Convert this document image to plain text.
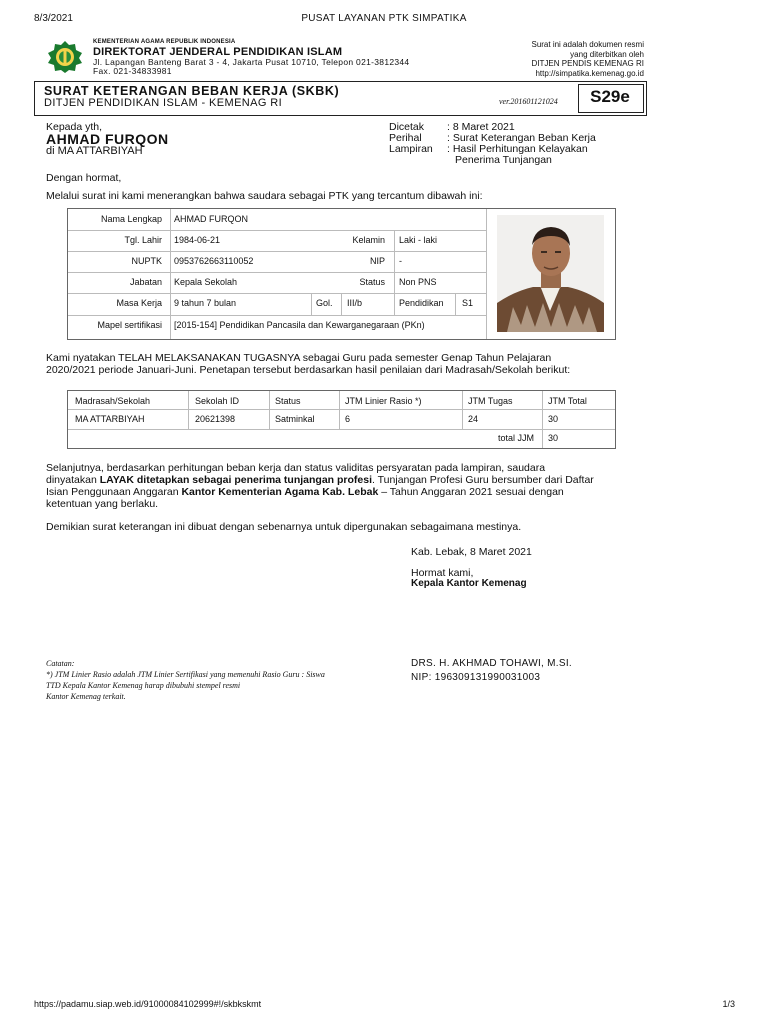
8/3/2021	PUSAT LAYANAN PTK SIMPATIKA
KEMENTERIAN AGAMA REPUBLIK INDONESIA
DIREKTORAT JENDERAL PENDIDIKAN ISLAM
Jl. Lapangan Banteng Barat 3 - 4, Jakarta Pusat 10710, Telepon 021-3812344
Fax. 021-34833981
Surat ini adalah dokumen resmi
yang diterbitkan oleh
DITJEN PENDIS KEMENAG RI
http://simpatika.kemenag.go.id
SURAT KETERANGAN BEBAN KERJA (SKBK)
DITJEN PENDIDIKAN ISLAM - KEMENAG RI	ver.201601121024	S29e
Kepada yth,
AHMAD FURQON
di MA ATTARBIYAH
Dicetak : 8 Maret 2021
Perihal : Surat Keterangan Beban Kerja
Lampiran : Hasil Perhitungan Kelayakan
Penerima Tunjangan
Dengan hormat,
Melalui surat ini kami menerangkan bahwa saudara sebagai PTK yang tercantum dibawah ini:
Nama Lengkap AHMAD FURQON
Tgl. Lahir 1984-06-21	Kelamin Laki - laki
NUPTK 0953762663110052	NIP -
Jabatan Kepala Sekolah	Status Non PNS
Masa Kerja 9 tahun 7 bulan	Gol. III/b	Pendidikan S1
Mapel sertifikasi [2015-154] Pendidikan Pancasila dan Kewarganegaraan (PKn)
Kami nyatakan TELAH MELAKSANAKAN TUGASNYA sebagai Guru pada semester Genap Tahun Pelajaran
2020/2021 periode Januari-Juni. Penetapan tersebut berdasarkan hasil penilaian dari Madrasah/Sekolah berikut:
Madrasah/Sekolah	Sekolah ID	Status	JTM Linier Rasio *)	JTM Tugas	JTM Total
MA ATTARBIYAH	20621398	Satminkal	6	24	30
total JJM 30
Selanjutnya, berdasarkan perhitungan beban kerja dan status validitas persyaratan pada lampiran, saudara
dinyatakan LAYAK ditetapkan sebagai penerima tunjangan profesi. Tunjangan Profesi Guru bersumber dari Daftar
Isian Penggunaan Anggaran Kantor Kementerian Agama Kab. Lebak – Tahun Anggaran 2021 sesuai dengan
ketentuan yang berlaku.
Demikian surat keterangan ini dibuat dengan sebenarnya untuk dipergunakan sebagaimana mestinya.
Kab. Lebak, 8 Maret 2021
Hormat kami,
Kepala Kantor Kemenag
DRS. H. AKHMAD TOHAWI, M.SI.
NIP: 196309131990031003
Catatan:
*) JTM Linier Rasio adalah JTM Linier Sertifikasi yang memenuhi Rasio Guru : Siswa
TTD Kepala Kantor Kemenag harap dibubuhi stempel resmi
Kantor Kemenag terkait.
https://padamu.siap.web.id/91000084102999#!/skbkskmt	1/3
